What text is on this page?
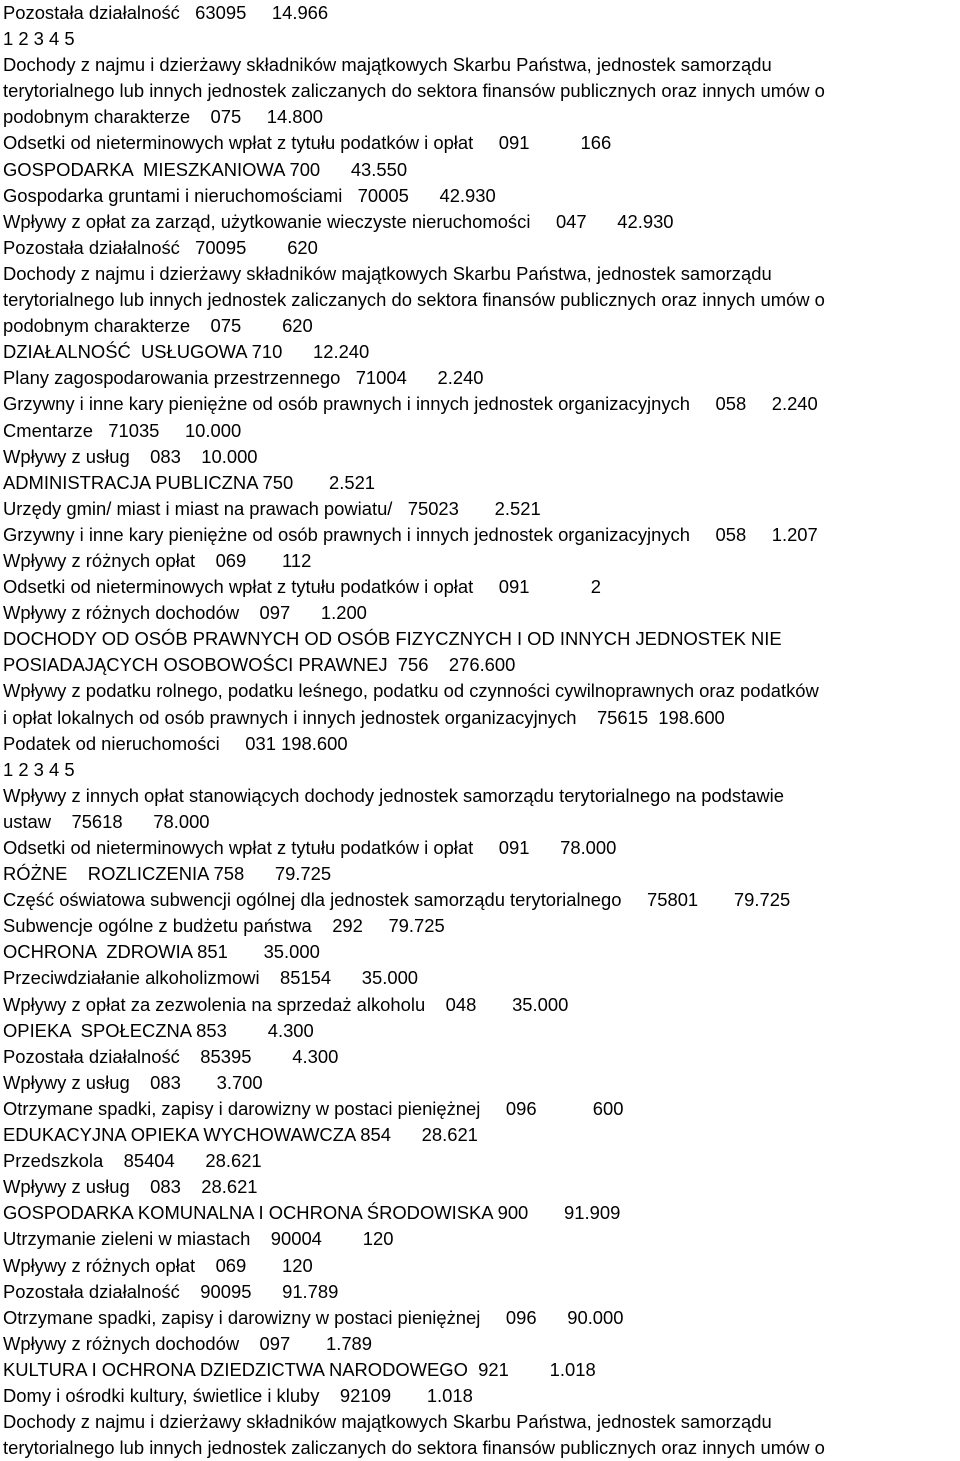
Pozostała działalność   63095     14.966
1 2 3 4 5
Dochody z najmu i dzierżawy składników majątkowych Skarbu Państwa, jednostek samorządu
terytorialnego lub innych jednostek zaliczanych do sektora finansów publicznych oraz innych umów o
podobnym charakterze    075     14.800
Odsetki od nieterminowych wpłat z tytułu podatków i opłat     091          166
GOSPODARKA  MIESZKANIOWA 700      43.550
Gospodarka gruntami i nieruchomościami   70005      42.930
Wpływy z opłat za zarząd, użytkowanie wieczyste nieruchomości     047      42.930
Pozostała działalność   70095        620
Dochody z najmu i dzierżawy składników majątkowych Skarbu Państwa, jednostek samorządu
terytorialnego lub innych jednostek zaliczanych do sektora finansów publicznych oraz innych umów o
podobnym charakterze    075        620
DZIAŁALNOŚĆ  USŁUGOWA 710      12.240
Plany zagospodarowania przestrzennego   71004      2.240
Grzywny i inne kary pieniężne od osób prawnych i innych jednostek organizacyjnych     058     2.240
Cmentarze   71035     10.000
Wpływy z usług    083    10.000
ADMINISTRACJA PUBLICZNA 750       2.521
Urzędy gmin/ miast i miast na prawach powiatu/   75023       2.521
Grzywny i inne kary pieniężne od osób prawnych i innych jednostek organizacyjnych     058     1.207
Wpływy z różnych opłat    069       112
Odsetki od nieterminowych wpłat z tytułu podatków i opłat     091            2
Wpływy z różnych dochodów    097      1.200
DOCHODY OD OSÓB PRAWNYCH OD OSÓB FIZYCZNYCH I OD INNYCH JEDNOSTEK NIE
POSIADAJĄCYCH OSOBOWOŚCI PRAWNEJ  756    276.600
Wpływy z podatku rolnego, podatku leśnego, podatku od czynności cywilnoprawnych oraz podatków
i opłat lokalnych od osób prawnych i innych jednostek organizacyjnych    75615  198.600
Podatek od nieruchomości     031 198.600
1 2 3 4 5
Wpływy z innych opłat stanowiących dochody jednostek samorządu terytorialnego na podstawie
ustaw    75618      78.000
Odsetki od nieterminowych wpłat z tytułu podatków i opłat     091      78.000
RÓŻNE    ROZLICZENIA 758      79.725
Część oświatowa subwencji ogólnej dla jednostek samorządu terytorialnego     75801       79.725
Subwencje ogólne z budżetu państwa    292     79.725
OCHRONA  ZDROWIA 851       35.000
Przeciwdziałanie alkoholizmowi    85154      35.000
Wpływy z opłat za zezwolenia na sprzedaż alkoholu    048       35.000
OPIEKA  SPOŁECZNA 853        4.300
Pozostała działalność    85395        4.300
Wpływy z usług    083       3.700
Otrzymane spadki, zapisy i darowizny w postaci pieniężnej     096           600
EDUKACYJNA OPIEKA WYCHOWAWCZA 854      28.621
Przedszkola    85404      28.621
Wpływy z usług    083    28.621
GOSPODARKA KOMUNALNA I OCHRONA ŚRODOWISKA 900       91.909
Utrzymanie zieleni w miastach    90004        120
Wpływy z różnych opłat    069       120
Pozostała działalność    90095      91.789
Otrzymane spadki, zapisy i darowizny w postaci pieniężnej     096      90.000
Wpływy z różnych dochodów    097       1.789
KULTURA I OCHRONA DZIEDZICTWA NARODOWEGO  921        1.018
Domy i ośrodki kultury, świetlice i kluby    92109       1.018
Dochody z najmu i dzierżawy składników majątkowych Skarbu Państwa, jednostek samorządu
terytorialnego lub innych jednostek zaliczanych do sektora finansów publicznych oraz innych umów o
